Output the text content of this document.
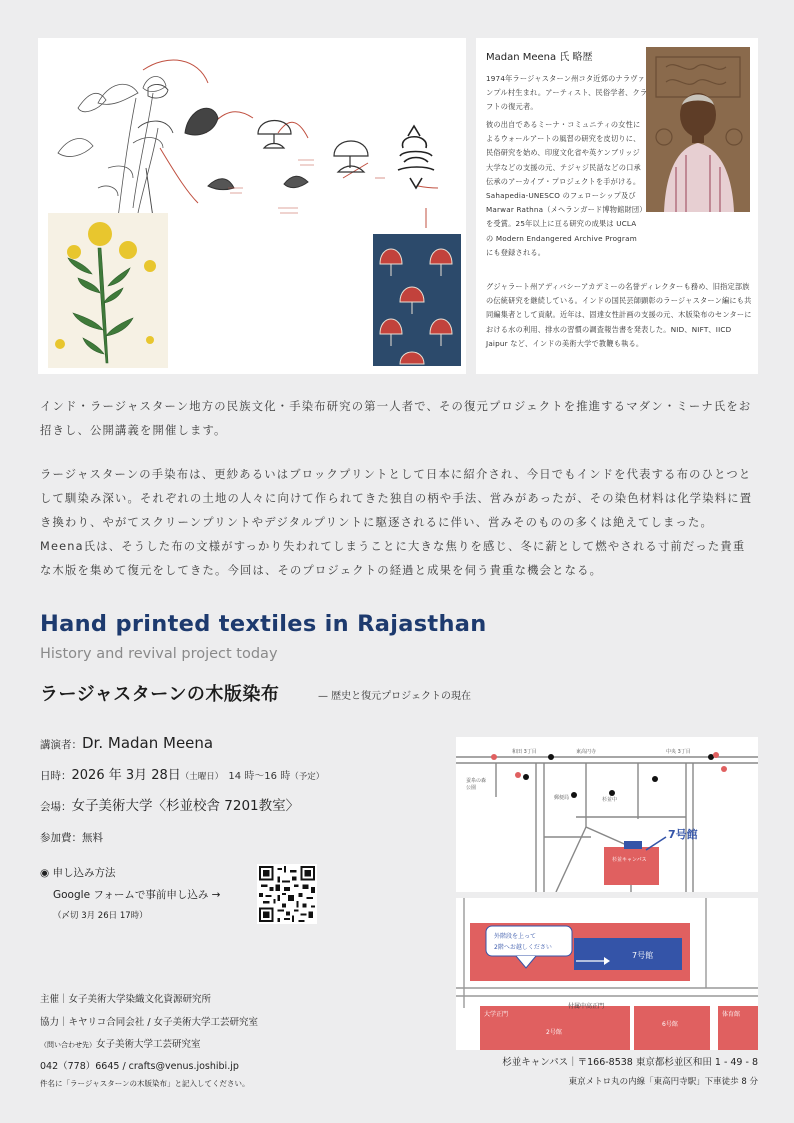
Madan Meena 氏 略歴
1974年ラージャスターン州コタ近郊のナラヴァンプル村生まれ。アーティスト、民俗学者、クラフトの復元者。
彼の出自であるミーナ・コミュニティの女性によるウォールアートの風習の研究を皮切りに、民俗研究を始め、印度文化省や英ケンブリッジ大学などの支援の元、テジャジ民話などの口承伝承のアーカイブ・プロジェクトを手がける。Sahapedia-UNESCO のフェローシップ及び Marwar Rathna（メヘランガード博物館財団）を受賞。25年以上に亘る研究の成果は UCLA の Modern Endangered Archive Program にも登録される。
グジャラート州アディバシーアカデミーの名誉ディレクターも務め、旧指定部族の伝統研究を継続している。インドの国民芸師顕彰のラージャスターン編にも共同編集者として貢献。近年は、固達女性計画の支援の元、木版染布のセンターにおける水の利用、排水の習慣の調査報告書を発表した。NID、NIFT、IICD Jaipur など、インドの美術大学で教鞭も執る。

インド・ラージャスターン地方の民族文化・手染布研究の第一人者で、その復元プロジェクトを推進するマダン・ミーナ氏をお招きし、公開講義を開催します。

ラージャスターンの手染布は、更紗あるいはブロックプリントとして日本に紹介され、今日でもインドを代表する布のひとつとして馴染み深い。それぞれの土地の人々に向けて作られてきた独自の柄や手法、営みがあったが、その染色材料は化学染料に置き換わり、やがてスクリーンプリントやデジタルプリントに駆逐されるに伴い、営みそのものの多くは絶えてしまった。Meena氏は、そうした布の文様がすっかり失われてしまうことに大きな焦りを感じ、冬に薪として燃やされる寸前だった貴重な木版を集めて復元をしてきた。今回は、そのプロジェクトの経過と成果を伺う貴重な機会となる。

Hand printed textiles in Rajasthan
History and revival project today
ラージャスターンの木版染布	— 歴史と復元プロジェクトの現在
講演者：Dr. Madan Meena
日時：2026 年 3月 28日（土曜日） 14 時〜16 時（予定）
会場：女子美術大学〈杉並校舎 7201教室〉
参加費：無料
◉ 申し込み方法
Google フォームで事前申し込み →
（〆切 3月 26日 17時）
主催｜女子美術大学染織文化資源研究所
協力｜キヤリコ合同会社 / 女子美術大学工芸研究室
（問い合わせ先）女子美術大学工芸研究室
042（778）6645 / crafts@venus.joshibi.jp
件名に「ラージャスターンの木版染布」と記入してください。
和田 3丁目	東高円寺	中央 3丁目
蚕糸の森
公園
郵便局	杉並中
杉並キャンパス
7号館
外階段を上って
2階へお越しください
7号館
大学正門
6号館
体育館
2号館
付属中高正門
杉並キャンパス｜〒166-8538 東京都杉並区和田 1 - 49 - 8
東京メトロ丸の内線「東高円寺駅」下車徒歩 8 分
